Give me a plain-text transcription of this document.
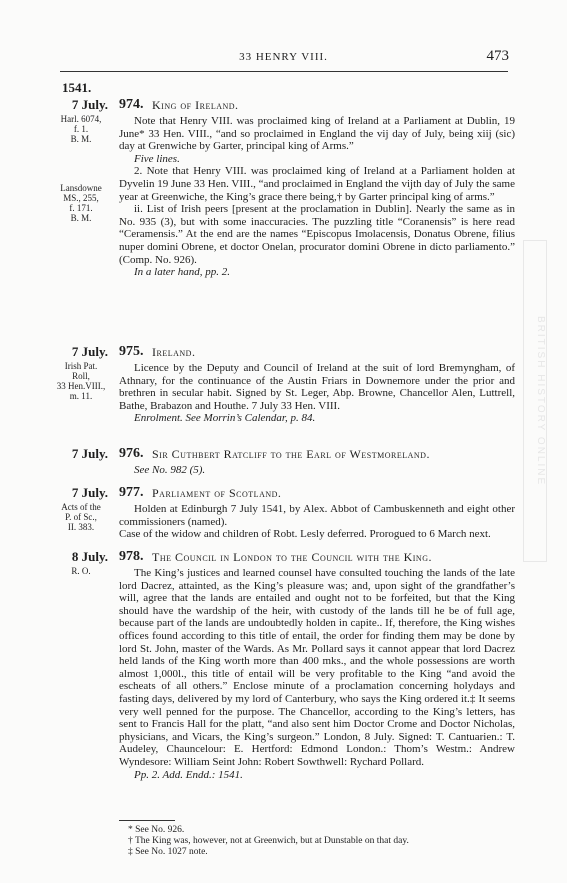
33 HENRY VIII.	473
BRITISH HISTORY ONLINE
1541.
7 July.
Harl. 6074,
f. 1.
B. M.
Lansdowne
MS., 255,
f. 171.
B. M.
974. King of Ireland.

Note that Henry VIII. was proclaimed king of Ireland at a Parliament at Dublin, 19 June* 33 Hen. VIII., “and so proclaimed in England the vij day of July, being xiij (sic) day at Grenwiche by Garter, principal king of Arms.”

Five lines.

2. Note that Henry VIII. was proclaimed king of Ireland at a Parliament holden at Dyvelin 19 June 33 Hen. VIII., “and proclaimed in England the vijth day of July the same year at Greenwiche, the King’s grace there being,† by Garter principal king of arms.”

ii. List of Irish peers [present at the proclamation in Dublin]. Nearly the same as in No. 935 (3), but with some inaccuracies. The puzzling title “Coranensis” is here read “Ceramensis.” At the end are the names “Episcopus Imolacensis, Donatus Obrene, filius nuper domini Obrene, et doctor Onelan, procurator domini Obrene in dicto parliamento.” (Comp. No. 926).

In a later hand, pp. 2.

7 July.
Irish Pat.
Roll,
33 Hen.VIII.,
m. 11.
975. Ireland.

Licence by the Deputy and Council of Ireland at the suit of lord Bremyngham, of Athnary, for the continuance of the Austin Friars in Downemore under the prior and brethren in secular habit. Signed by St. Leger, Abp. Browne, Chancellor Alen, Luttrell, Bathe, Brabazon and Houthe. 7 July 33 Hen. VIII.

Enrolment. See Morrin’s Calendar, p. 84.

7 July. 976. Sir Cuthbert Ratcliff to the Earl of Westmoreland.

See No. 982 (5).

7 July.
Acts of the
P. of Sc.,
II. 383.
977. Parliament of Scotland.

Holden at Edinburgh 7 July 1541, by Alex. Abbot of Cambuskenneth and eight other commissioners (named).

Case of the widow and children of Robt. Lesly deferred. Prorogued to 6 March next.

8 July.
R. O.
978. The Council in London to the Council with the King.

The King’s justices and learned counsel have consulted touching the lands of the late lord Dacrez, attainted, as the King’s pleasure was; and, upon sight of the grandfather’s will, agree that the lands are entailed and ought not to be forfeited, but that the King should have the wardship of the heir, with custody of the lands till he be of full age, because part of the lands are undoubtedly holden in capite.. If, therefore, the King wishes offices found according to this title of entail, the order for finding them may be done by lord St. John, master of the Wards. As Mr. Pollard says it cannot appear that lord Dacrez held lands of the King worth more than 400 mks., and the whole possessions are worth almost 1,000l., this title of entail will be very profitable to the King “and avoid the escheats of all others.” Enclose minute of a proclamation concerning holydays and fasting days, delivered by my lord of Canterbury, who says the King ordered it.‡ It seems very well penned for the purpose. The Chancellor, according to the King’s letters, has sent to Francis Hall for the platt, “and also sent him Doctor Crome and Doctor Nicholas, physicians, and Vicars, the King’s surgeon.” London, 8 July. Signed: T. Cantuarien.: T. Audeley, Chauncelour: E. Hertford: Edmond London.: Thom’s Westm.: Andrew Wyndesore: William Seint John: Robert Sowthwell: Rychard Pollard.

Pp. 2. Add. Endd.: 1541.

* See No. 926.
† The King was, however, not at Greenwich, but at Dunstable on that day.
‡ See No. 1027 note.
